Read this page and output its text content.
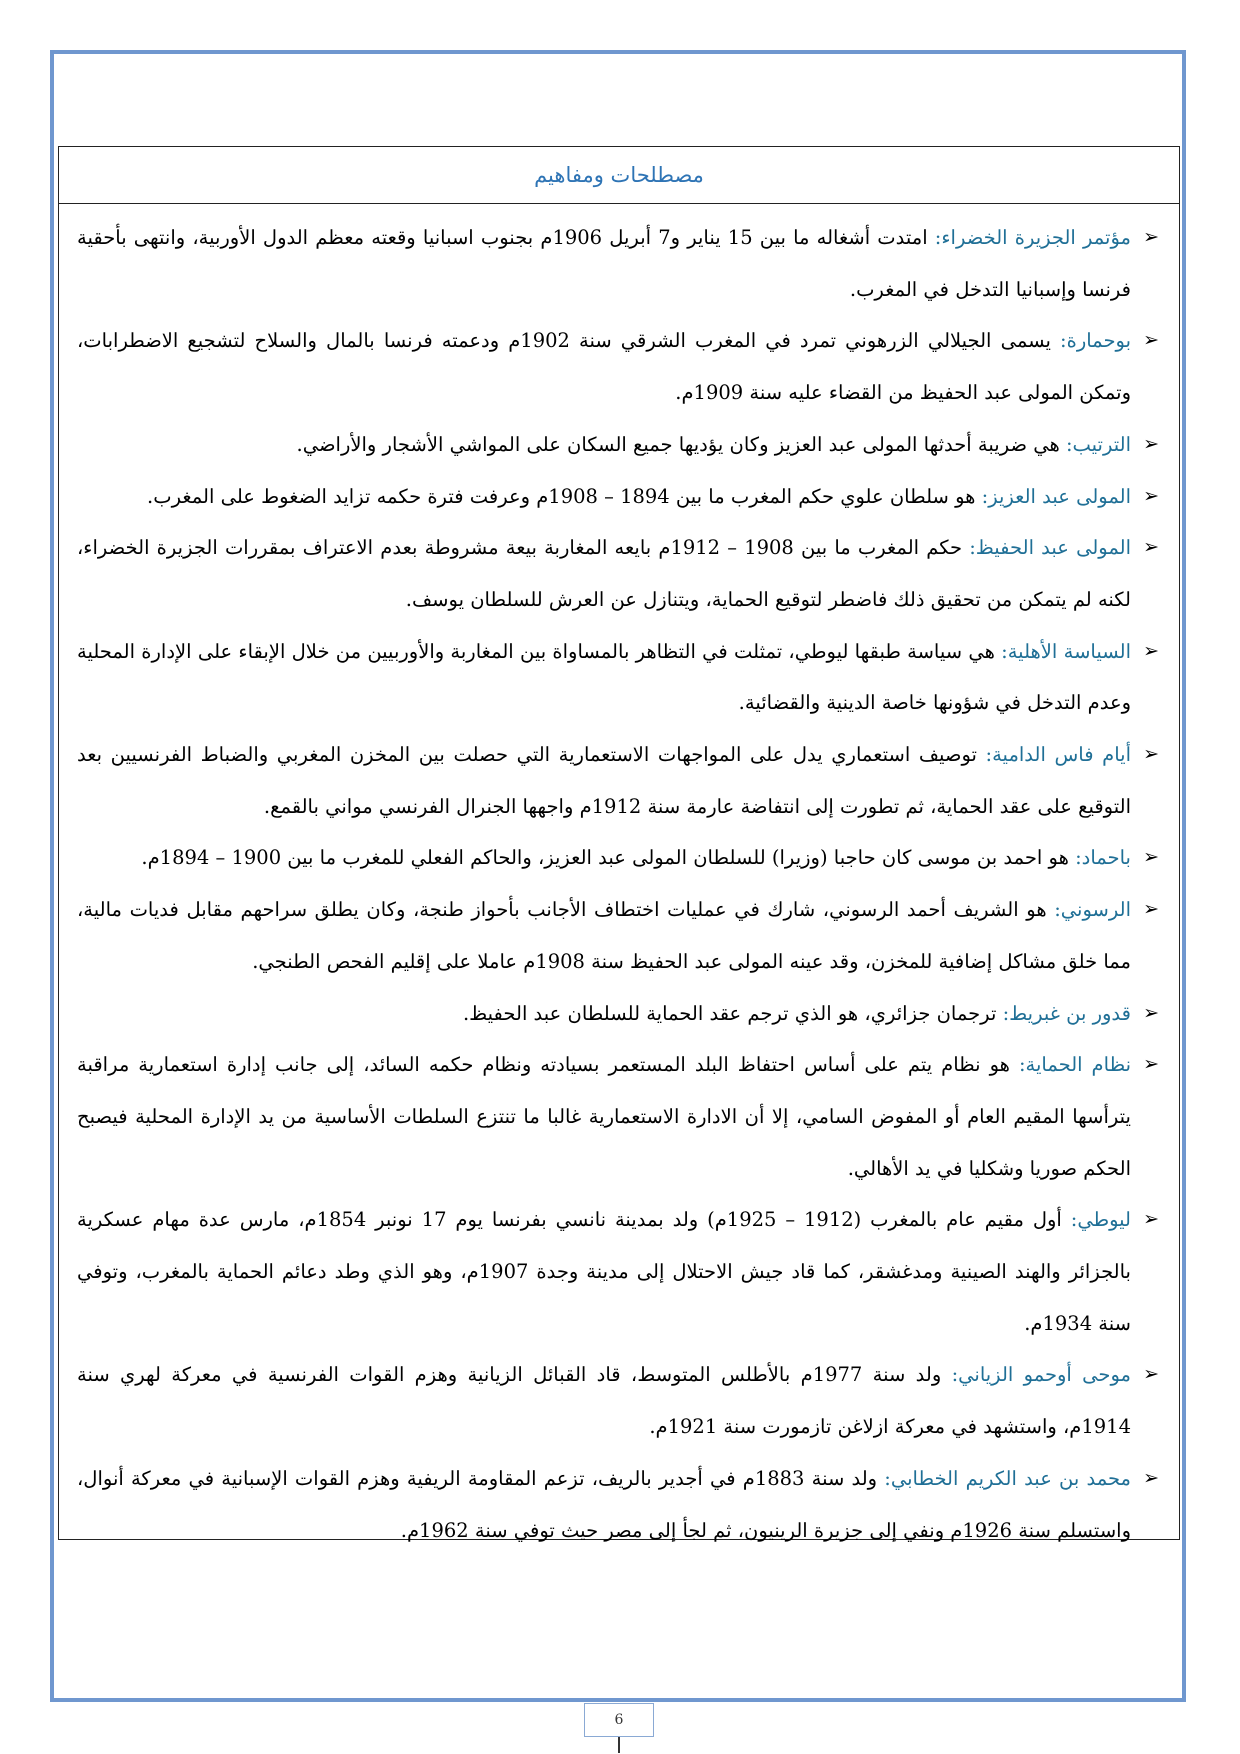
مصطلحات ومفاهيم
➢
مؤتمر الجزيرة الخضراء: امتدت أشغاله ما بين 15 يناير و7 أبريل 1906م بجنوب اسبانيا وقعته معظم الدول الأوربية، وانتهى بأحقية فرنسا وإسبانيا التدخل في المغرب.
➢
بوحمارة: يسمى الجيلالي الزرهوني تمرد في المغرب الشرقي سنة 1902م ودعمته فرنسا بالمال والسلاح لتشجيع الاضطرابات، وتمكن المولى عبد الحفيظ من القضاء عليه سنة 1909م.
➢
الترتيب: هي ضريبة أحدثها المولى عبد العزيز وكان يؤديها جميع السكان على المواشي الأشجار والأراضي.
➢
المولى عبد العزيز: هو سلطان علوي حكم المغرب ما بين 1894 – 1908م وعرفت فترة حكمه تزايد الضغوط على المغرب.
➢
المولى عبد الحفيظ: حكم المغرب ما بين 1908 – 1912م بايعه المغاربة بيعة مشروطة بعدم الاعتراف بمقررات الجزيرة الخضراء، لكنه لم يتمكن من تحقيق ذلك فاضطر لتوقيع الحماية، ويتنازل عن العرش للسلطان يوسف.
➢
السياسة الأهلية: هي سياسة طبقها ليوطي، تمثلت في التظاهر بالمساواة بين المغاربة والأوربيين من خلال الإبقاء على الإدارة المحلية وعدم التدخل في شؤونها خاصة الدينية والقضائية.
➢
أيام فاس الدامية: توصيف استعماري يدل على المواجهات الاستعمارية التي حصلت بين المخزن المغربي والضباط الفرنسيين بعد التوقيع على عقد الحماية، ثم تطورت إلى انتفاضة عارمة سنة 1912م واجهها الجنرال الفرنسي مواني بالقمع.
➢
باحماد: هو احمد بن موسى كان حاجبا (وزيرا) للسلطان المولى عبد العزيز، والحاكم الفعلي للمغرب ما بين 1900 – 1894م.
➢
الرسوني: هو الشريف أحمد الرسوني، شارك في عمليات اختطاف الأجانب بأحواز طنجة، وكان يطلق سراحهم مقابل فديات مالية، مما خلق مشاكل إضافية للمخزن، وقد عينه المولى عبد الحفيظ سنة 1908م عاملا على إقليم الفحص الطنجي.
➢
قدور بن غبريط: ترجمان جزائري، هو الذي ترجم عقد الحماية للسلطان عبد الحفيظ.
➢
نظام الحماية: هو نظام يتم على أساس احتفاظ البلد المستعمر بسيادته ونظام حكمه السائد، إلى جانب إدارة استعمارية مراقبة يترأسها المقيم العام أو المفوض السامي، إلا أن الادارة الاستعمارية غالبا ما تنتزع السلطات الأساسية من يد الإدارة المحلية فيصبح الحكم صوريا وشكليا في يد الأهالي.
➢
ليوطي: أول مقيم عام بالمغرب (1912 – 1925م) ولد بمدينة نانسي بفرنسا يوم 17 نونبر 1854م، مارس عدة مهام عسكرية بالجزائر والهند الصينية ومدغشقر، كما قاد جيش الاحتلال إلى مدينة وجدة 1907م، وهو الذي وطد دعائم الحماية بالمغرب، وتوفي سنة 1934م.
➢
موحى أوحمو الزياني: ولد سنة 1977م بالأطلس المتوسط، قاد القبائل الزيانية وهزم القوات الفرنسية في معركة لهري سنة 1914م، واستشهد في معركة ازلاغن تازمورت سنة 1921م.
➢
محمد بن عبد الكريم الخطابي: ولد سنة 1883م في أجدير بالريف، تزعم المقاومة الريفية وهزم القوات الإسبانية في معركة أنوال، واستسلم سنة 1926م ونفي إلى جزيرة الرينيون، ثم لجأ إلى مصر حيث توفي سنة 1962م.
6
